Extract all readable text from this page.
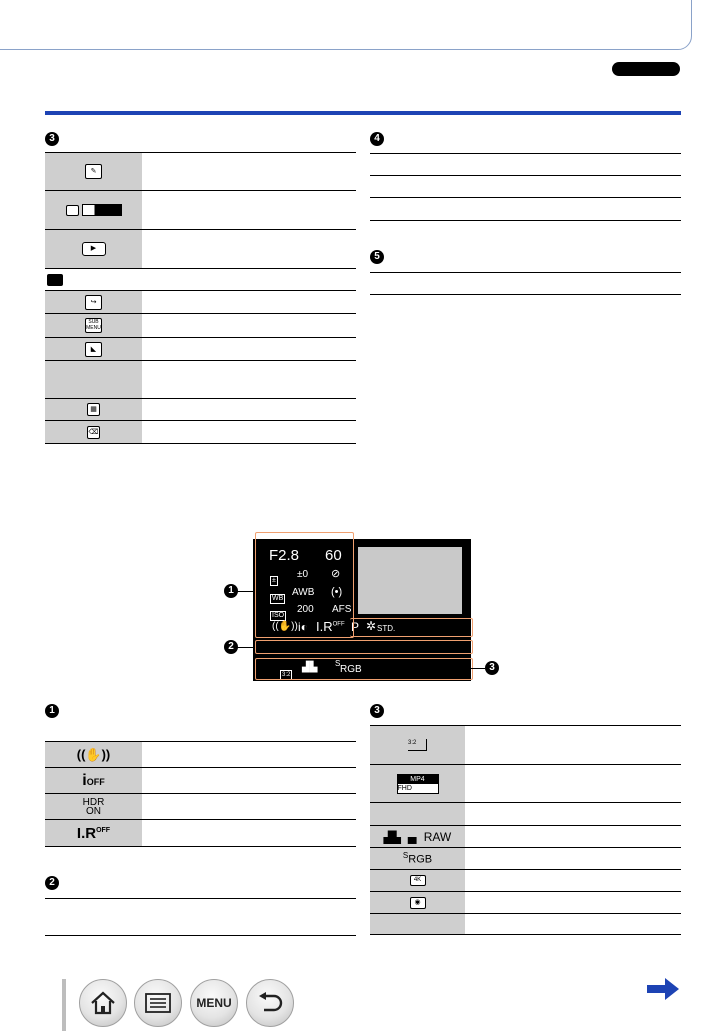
3
✎
▶
↪
SUB
MENU
◣
▦
⌫
4
5
F2.8 60
±
±0 ⊘
WB
AWB (•)
ISO
200 AFS
((✋)) i◐ $I.R^{OFF}$ P ✲ STD.
3:2
▟▙ S
RGB
1
2
3
1
((✋))
iOFF
HDR
ON
$I.R^{OFF}$
2
3
3:2
MP4
FHD
▟▙ ▗▖ RAW
$^S$RGB
4K
◉
MENU
